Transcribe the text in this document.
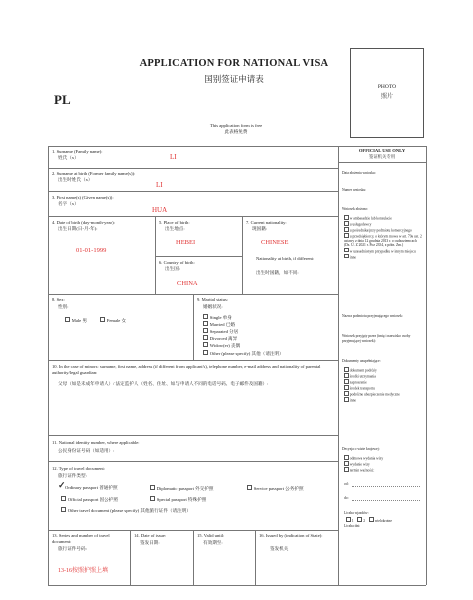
APPLICATION FOR NATIONAL VISA
国别签证申请表
PL
PHOTO
照片
This application form is free
此表格免费
1. Surname (Family name):
姓氏（x）	LI
2. Surname at birth (Former family name(s)):
出生时姓氏（x）
LI
3. First name(s) (Given name(s)):
名字（x）
HUA
4. Date of birth (day-month-year):
出生日期(日-月-年):
01-01-1999
5. Place of birth:
出生地点:
HEBEI
6. Country of birth:
出生国:
CHINA
7. Current nationality:
现国籍:
CHINESE
Nationality at birth, if different:
出生时国籍，如不同:
8. Sex:
性别:
Male 男	Female 女
9. Marital status:
婚姻状况:
Single 单身
Married 已婚
Separated 分居
Divorced 离异
Widow(er) 丧偶
Other (please specify) 其他（请注明）
10. In the case of minors: surname, first name, address (if different from applicant's), telephone number, e-mail address and nationality of parental authority/legal guardian:
父母（如是未成年申请人）/ 法定监护人（姓名、住址、如与申请人不同的电话号码、电子邮件及国籍）:
11. National identity number, where applicable:
公民身份证号码（如适用）:
12. Type of travel document:
旅行证件类型:
✓ Ordinary passport 普通护照	Diplomatic passport 外交护照	Service passport 公务护照
Official passport 因公护照	Special passport 特殊护照
Other travel document (please specify) 其他旅行证件（请注明）
13. Series and number of travel document:
旅行证件号码:
13-16按照护照上填
14. Date of issue:
签发日期:
15. Valid until:
有效期至:
16. Issued by (indication of State):
签发机关
OFFICIAL USE ONLY
签证机关专用
Data złożenia wniosku:
Numer wniosku:
Wniosek złożono:
w ambasadzie lub konsulacie
u usługodawcy
u pośrednika/przy podmiotu komercyjnego
u przedsiębiorcy, o którym mowa w art. 79a ust. 2 ustawy z dnia 12 grudnia 2013 r. o cudzoziemcach (Dz. U. Z 2021 r. Poz 2354, z późn. Zm.)
w uzasadnionym przypadku w innym miejscu
inne
Nazwa podmiotu przyjmującego wniosek:
Wniosek przyjęty przez (imię i nazwisko osoby przyjmującej wniosek):
Dokumenty uzupełniające:
dokument podróży
środki utrzymania
zaproszenie
środek transportu
podróżne ubezpieczenie medyczne
inne
Decyzja o wizie krajowej:
odmowa wydania wizy
wydanie wizy
termin ważności:
od:
do:
Liczba wjazdów:
1	2	wielokrotne
Liczba dni:
